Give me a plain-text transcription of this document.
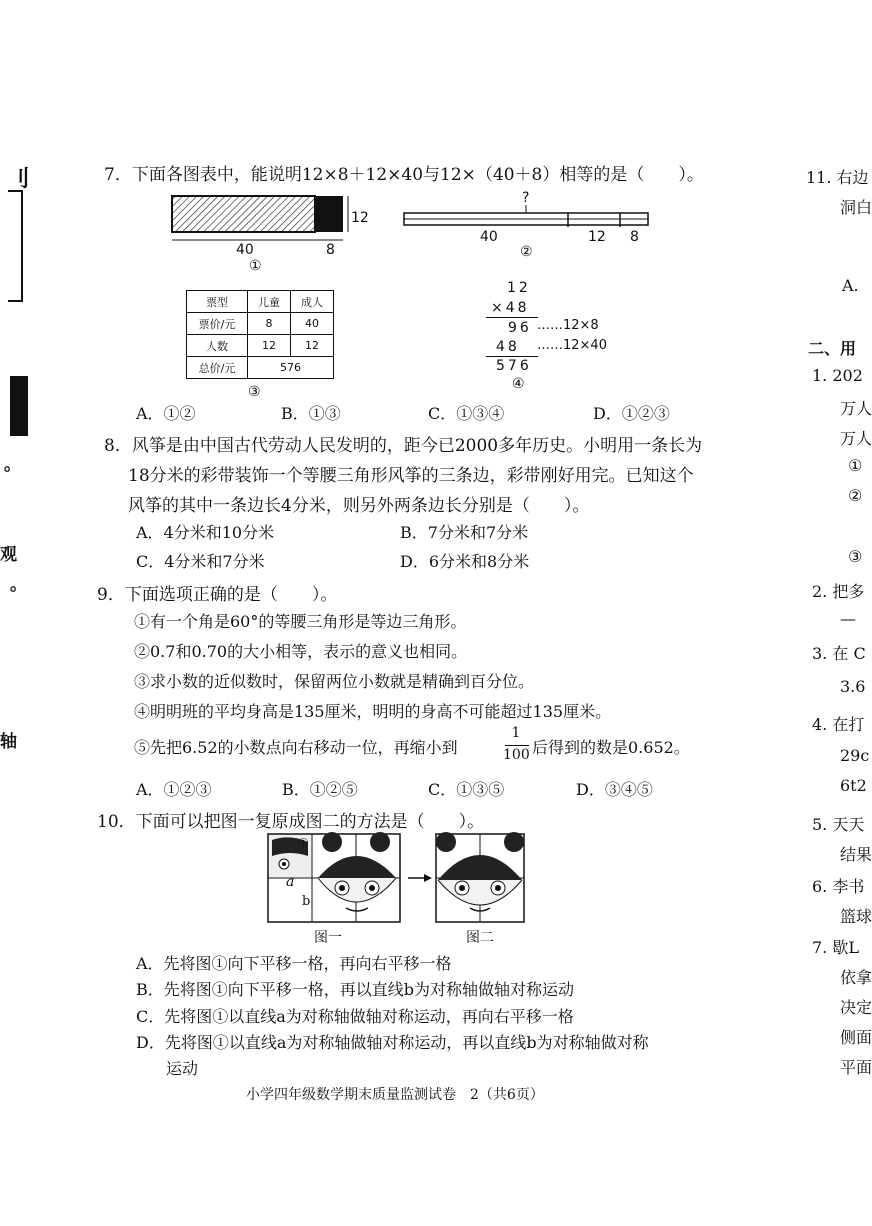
刂
。
观
。
轴
7．下面各图表中，能说明12×8＋12×40与12×（40＋8）相等的是（　　）。
12
40	8
①
?
40	12 8
②
票型	儿童	成人
票价/元	8	40
人数	12	12
总价/元	576	
③
12
×48
96 ……12×8
48 ……12×40
576
④
A．①②	B．①③	C．①③④	D．①②③
8．风筝是由中国古代劳动人民发明的，距今已2000多年历史。小明用一条长为
18分米的彩带装饰一个等腰三角形风筝的三条边，彩带刚好用完。已知这个
风筝的其中一条边长4分米，则另外两条边长分别是（　　）。
A．4分米和10分米	B．7分米和7分米
C．4分米和7分米	D．6分米和8分米
9．下面选项正确的是（　　）。
①有一个角是60°的等腰三角形是等边三角形。
②0.7和0.70的大小相等，表示的意义也相同。
③求小数的近似数时，保留两位小数就是精确到百分位。
④明明班的平均身高是135厘米，明明的身高不可能超过135厘米。
⑤先把6.52的小数点向右移动一位，再缩小到
1
100 后得到的数是0.652。
A．①②③	B．①②⑤	C．①③⑤	D．③④⑤
10．下面可以把图一复原成图二的方法是（　　）。
①
a
b
图一	图二
A．先将图①向下平移一格，再向右平移一格
B．先将图①向下平移一格，再以直线b为对称轴做轴对称运动
C．先将图①以直线a为对称轴做轴对称运动，再向右平移一格
D．先将图①以直线a为对称轴做轴对称运动，再以直线b为对称轴做对称
运动
小学四年级数学期末质量监测试卷　2（共6页）
11. 右边
洞白
A.
二、用
1. 202
万人
万人
①
②
③
2. 把多
—
3. 在 C
3.6
4. 在打
29c
6t2
5. 天天
结果
6. 李书
篮球
7. 歇L
依拿
决定
侧面
平面
